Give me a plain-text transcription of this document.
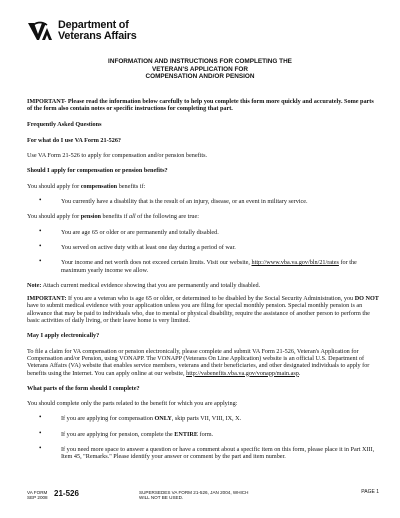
Department of
Veterans Affairs
INFORMATION AND INSTRUCTIONS FOR COMPLETING THE
VETERAN'S APPLICATION FOR
COMPENSATION AND/OR PENSION

IMPORTANT- Please read the information below carefully to help you complete this form more quickly and accurately. Some parts of the form also contain notes or specific instructions for completing that part.

Frequently Asked Questions

For what do I use VA Form 21-526?

Use VA Form 21-526 to apply for compensation and/or pension benefits.

Should I apply for compensation or pension benefits?

You should apply for compensation benefits if:

•	You currently have a disability that is the result of an injury, disease, or an event in military service.

You should apply for pension benefits if all of the following are true:

•	You are age 65 or older or are permanently and totally disabled.
•	You served on active duty with at least one day during a period of war.
•	Your income and net worth does not exceed certain limits. Visit our website, http://www.vba.va.gov/bln/21/rates for the maximum yearly income we allow.

Note: Attach current medical evidence showing that you are permanently and totally disabled.

IMPORTANT: If you are a veteran who is age 65 or older, or determined to be disabled by the Social Security Administration, you DO NOT have to submit medical evidence with your application unless you are filing for special monthly pension. Special monthly pension is an allowance that may be paid to individuals who, due to mental or physical disability, require the assistance of another person to perform the basic activities of daily living, or their leave home is very limited.

May I apply electronically?

To file a claim for VA compensation or pension electronically, please complete and submit VA Form 21-526, Veteran's Application for Compensation and/or Pension, using VONAPP. The VONAPP (Veterans On Line Application) website is an official U.S. Department of Veterans Affairs (VA) website that enables service members, veterans and their beneficiaries, and other designated individuals to apply for benefits using the Internet. You can apply online at our website, http://vabenefits.vba.va.gov/vonapp/main.asp.

What parts of the form should I complete?

You should complete only the parts related to the benefit for which you are applying:

•	If you are applying for compensation ONLY, skip parts VII, VIII, IX, X.
•	If you are applying for pension, complete the ENTIRE form.
•	If you need more space to answer a question or have a comment about a specific item on this form, please place it in Part XIII, Item 45, "Remarks." Please identify your answer or comment by the part and item number.
VA FORM
SEP 2008 21-526	SUPERSEDES VA FORM 21-526, JAN 2004, WHICH
WILL NOT BE USED.
PAGE 1
